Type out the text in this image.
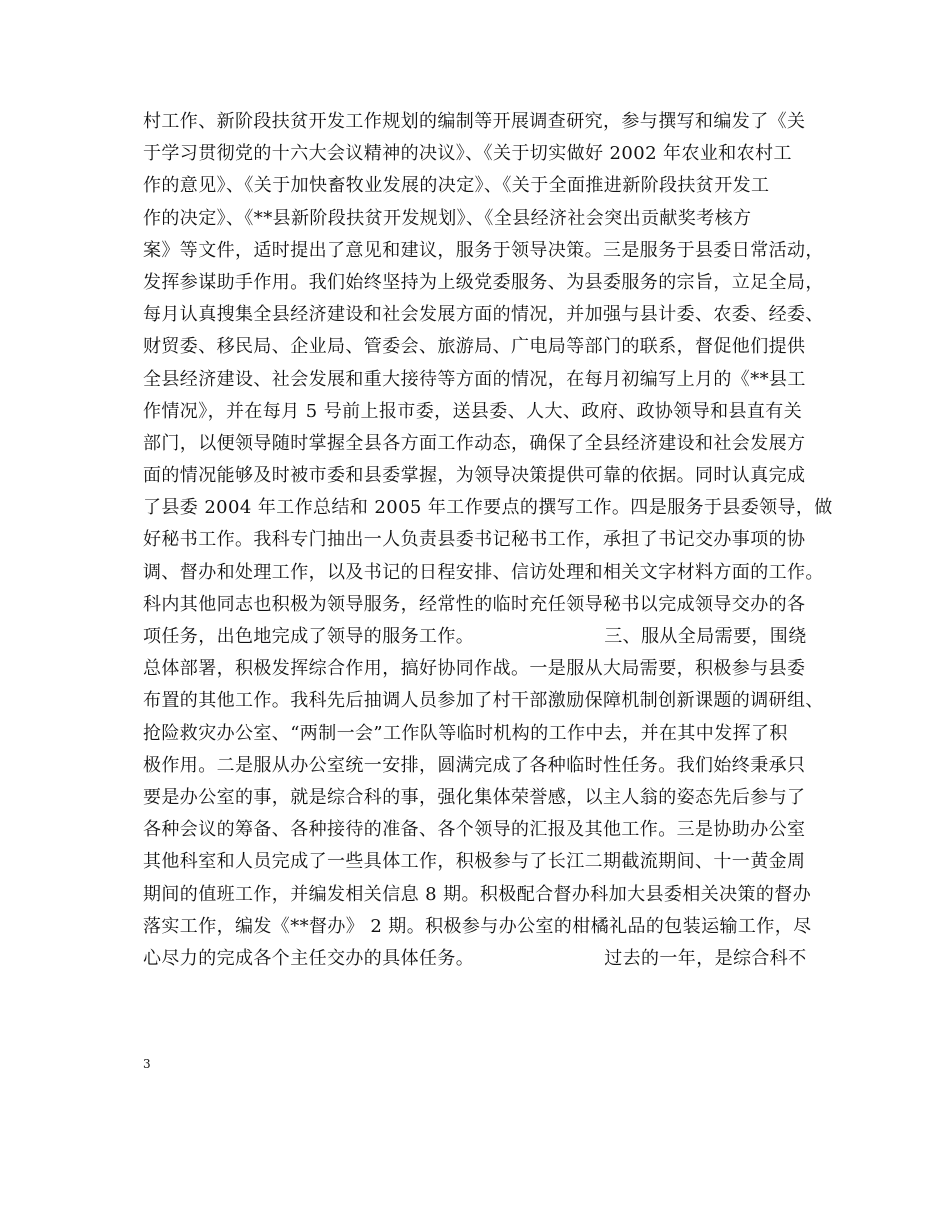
村工作、新阶段扶贫开发工作规划的编制等开展调查研究，参与撰写和编发了《关
于学习贯彻党的十六大会议精神的决议》、《关于切实做好 2002 年农业和农村工
作的意见》、《关于加快畜牧业发展的决定》、《关于全面推进新阶段扶贫开发工
作的决定》、《**县新阶段扶贫开发规划》、《全县经济社会突出贡献奖考核方
案》等文件，适时提出了意见和建议，服务于领导决策。三是服务于县委日常活动，
发挥参谋助手作用。我们始终坚持为上级党委服务、为县委服务的宗旨，立足全局，
每月认真搜集全县经济建设和社会发展方面的情况，并加强与县计委、农委、经委、
财贸委、移民局、企业局、管委会、旅游局、广电局等部门的联系，督促他们提供
全县经济建设、社会发展和重大接待等方面的情况，在每月初编写上月的《**县工
作情况》，并在每月 5 号前上报市委，送县委、人大、政府、政协领导和县直有关
部门，以便领导随时掌握全县各方面工作动态，确保了全县经济建设和社会发展方
面的情况能够及时被市委和县委掌握，为领导决策提供可靠的依据。同时认真完成
了县委 2004 年工作总结和 2005 年工作要点的撰写工作。四是服务于县委领导，做
好秘书工作。我科专门抽出一人负责县委书记秘书工作，承担了书记交办事项的协
调、督办和处理工作，以及书记的日程安排、信访处理和相关文字材料方面的工作。
科内其他同志也积极为领导服务，经常性的临时充任领导秘书以完成领导交办的各
项任务，出色地完成了领导的服务工作。	三、服从全局需要，围绕
总体部署，积极发挥综合作用，搞好协同作战。一是服从大局需要，积极参与县委
布置的其他工作。我科先后抽调人员参加了村干部激励保障机制创新课题的调研组、
抢险救灾办公室、“两制一会”工作队等临时机构的工作中去，并在其中发挥了积
极作用。二是服从办公室统一安排，圆满完成了各种临时性任务。我们始终秉承只
要是办公室的事，就是综合科的事，强化集体荣誉感，以主人翁的姿态先后参与了
各种会议的筹备、各种接待的准备、各个领导的汇报及其他工作。三是协助办公室
其他科室和人员完成了一些具体工作，积极参与了长江二期截流期间、十一黄金周
期间的值班工作，并编发相关信息 8 期。积极配合督办科加大县委相关决策的督办
落实工作，编发《**督办》 2 期。积极参与办公室的柑橘礼品的包装运输工作，尽
心尽力的完成各个主任交办的具体任务。	过去的一年，是综合科不
3
